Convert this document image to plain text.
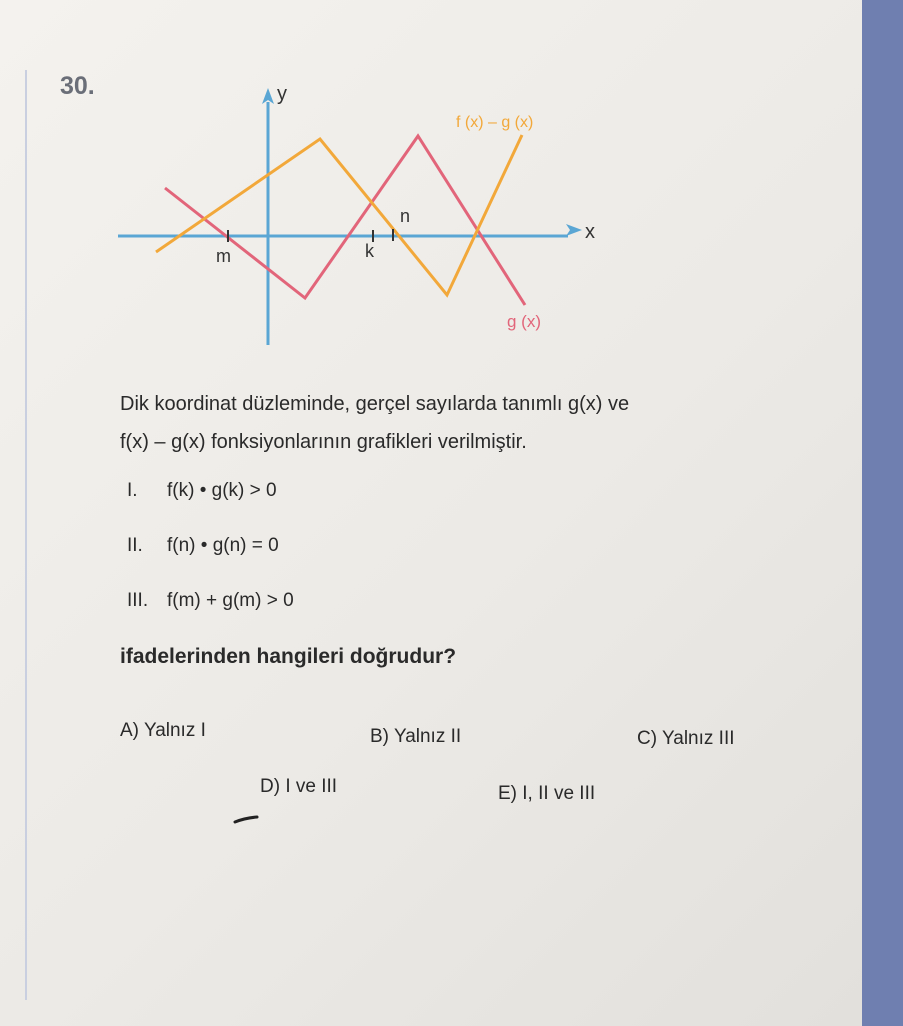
30.	y
x
m	k
n
f (x) – g (x)
g (x)
Dik koordinat düzleminde, gerçel sayılarda tanımlı g(x) ve
f(x) – g(x) fonksiyonlarının grafikleri verilmiştir.
I. f(k) • g(k) > 0
II. f(n) • g(n) = 0
III. f(m) + g(m) > 0
ifadelerinden hangileri doğrudur?
A) Yalnız I	B) Yalnız II	C) Yalnız III
D) I ve III	E) I, II ve III
